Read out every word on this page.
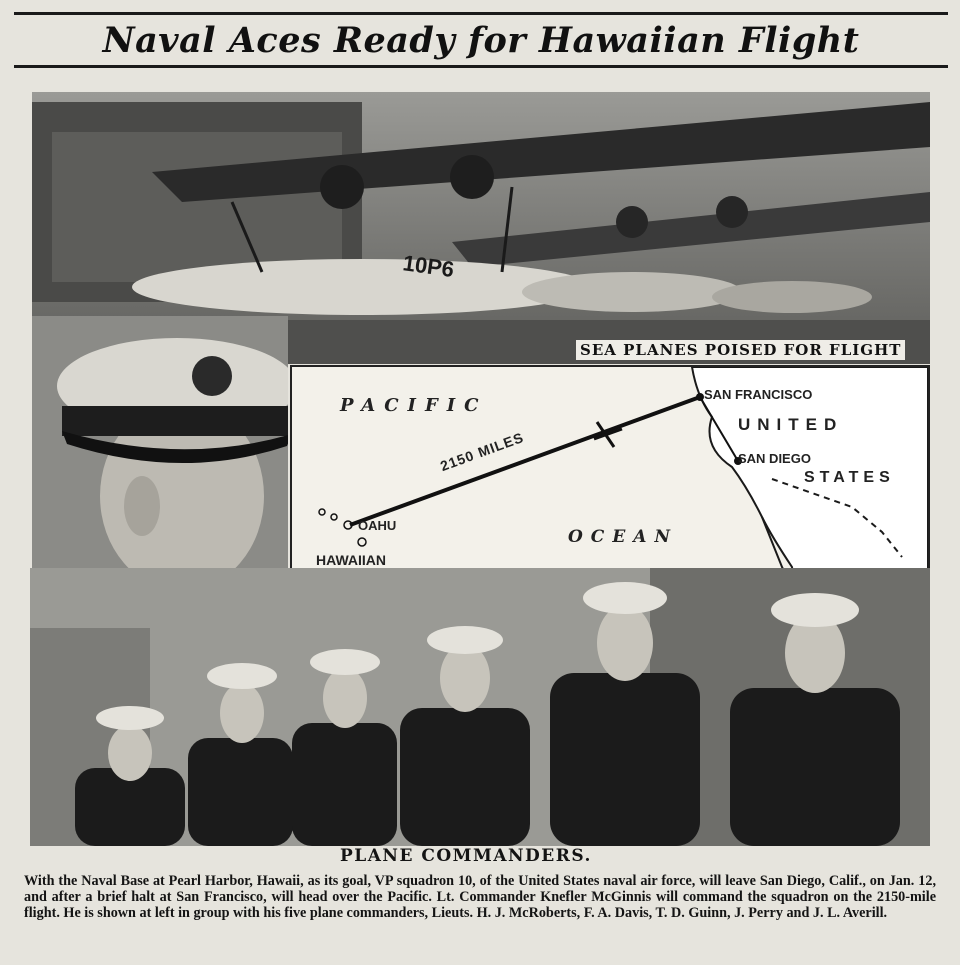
Naval Aces Ready for Hawaiian Flight
10P6
SEA PLANES POISED FOR FLIGHT
PACIFIC
OCEAN
UNITED
STATES
SAN FRANCISCO
SAN DIEGO
OAHU
HAWAIIAN
2150 MILES
PLANE COMMANDERS.
With the Naval Base at Pearl Harbor, Hawaii, as its goal, VP squadron 10, of the United States naval air force, will leave San Diego, Calif., on Jan. 12, and after a brief halt at San Francisco, will head over the Pacific. Lt. Commander Knefler McGinnis will command the squadron on the 2150-mile flight. He is shown at left in group with his five plane commanders, Lieuts. H. J. McRoberts, F. A. Davis, T. D. Guinn, J. Perry and J. L. Averill.
